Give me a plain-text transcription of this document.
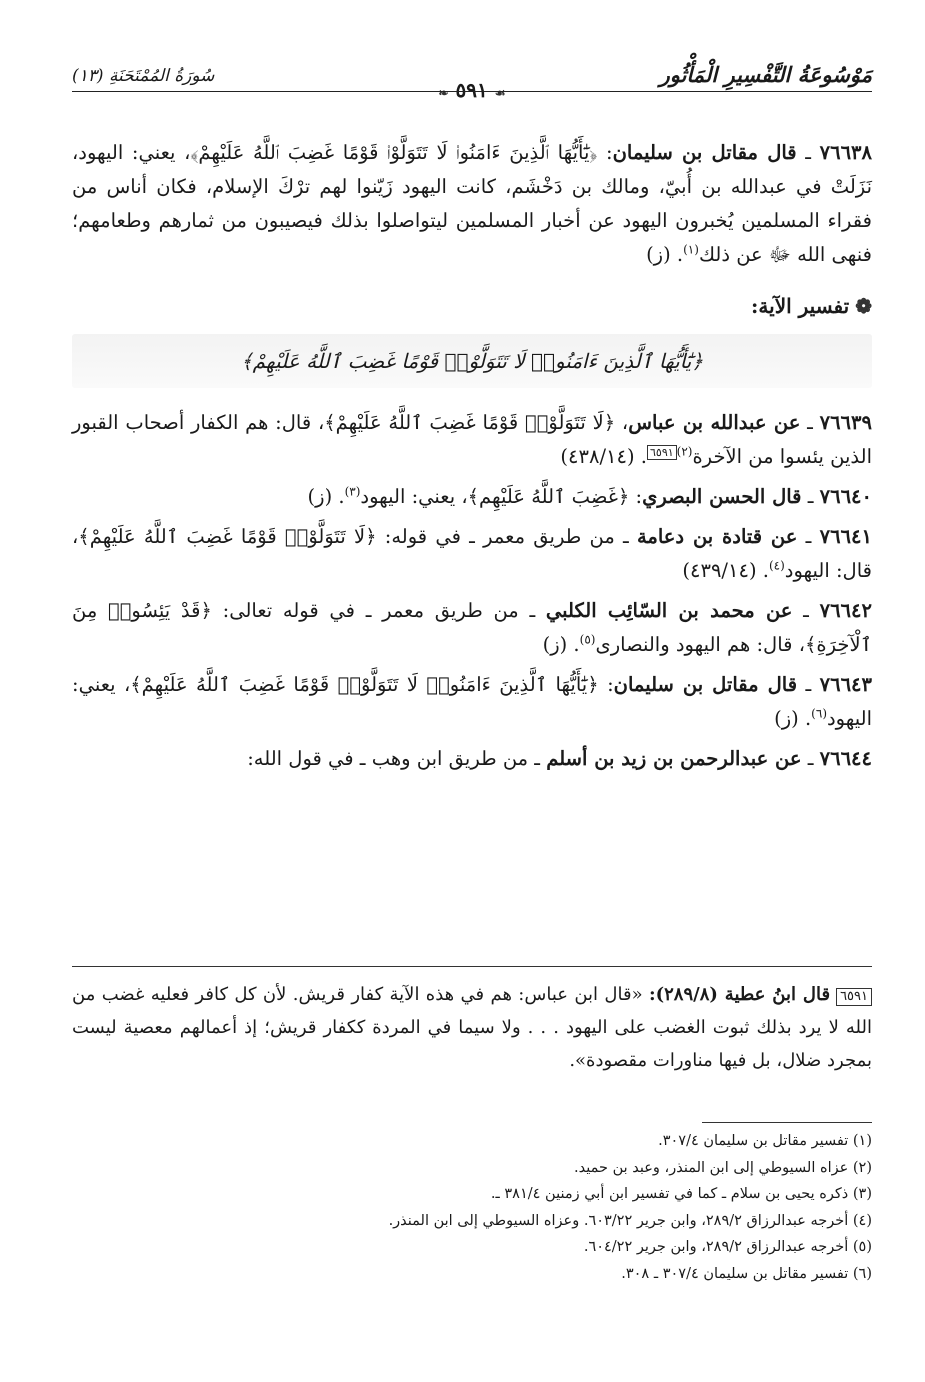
مَوْسُوعَةُ التَّفْسِيرِ الْمَأْثُور
❧ ٥٩١ ☙
سُورَةُ المُمْتَحَنَةِ (١٣)

٧٦٦٣٨ ـ قال مقاتل بن سليمان: ﴿يَٰٓأَيُّهَا ٱلَّذِينَ ءَامَنُوا۟ لَا تَتَوَلَّوْا۟ قَوْمًا غَضِبَ ٱللَّهُ عَلَيْهِمْ﴾، يعني: اليهود، نَزَلَتْ في عبدالله بن أُبيّ، ومالك بن دَخْشَم، كانت اليهود زَيّنوا لهم ترْكَ الإسلام، فكان أناس من فقراء المسلمين يُخبرون اليهود عن أخبار المسلمين ليتواصلوا بذلك فيصيبون من ثمارهم وطعامهم؛ فنهى الله ﷻ عن ذلك$^{(١)}$. (ز)

❁تفسير الآية:
﴿يَٰٓأَيُّهَا ٱلَّذِينَ ءَامَنُوا۟ لَا تَتَوَلَّوْا۟ قَوْمًا غَضِبَ ٱللَّهُ عَلَيْهِمْ﴾

٧٦٦٣٩ ـ عن عبدالله بن عباس، ﴿لَا تَتَوَلَّوْا۟ قَوْمًا غَضِبَ ٱللَّهُ عَلَيْهِمْ﴾، قال: هم الكفار أصحاب القبور الذين يئسوا من الآخرة$^{(٢)}$٦٥٩١. (٤٣٨/١٤)

٧٦٦٤٠ ـ قال الحسن البصري: ﴿غَضِبَ ٱللَّهُ عَلَيْهِم﴾، يعني: اليهود$^{(٣)}$. (ز)

٧٦٦٤١ ـ عن قتادة بن دعامة ـ من طريق معمر ـ في قوله: ﴿لَا تَتَوَلَّوْا۟ قَوْمًا غَضِبَ ٱللَّهُ عَلَيْهِمْ﴾، قال: اليهود$^{(٤)}$. (٤٣٩/١٤)

٧٦٦٤٢ ـ عن محمد بن السّائِب الكلبي ـ من طريق معمر ـ في قوله تعالى: ﴿قَدْ يَئِسُوا۟ مِنَ ٱلْآخِرَةِ﴾، قال: هم اليهود والنصارى$^{(٥)}$. (ز)

٧٦٦٤٣ ـ قال مقاتل بن سليمان: ﴿يَٰٓأَيُّهَا ٱلَّذِينَ ءَامَنُوا۟ لَا تَتَوَلَّوْا۟ قَوْمًا غَضِبَ ٱللَّهُ عَلَيْهِمْ﴾، يعني: اليهود$^{(٦)}$. (ز)

٧٦٦٤٤ ـ عن عبدالرحمن بن زيد بن أسلم ـ من طريق ابن وهب ـ في قول الله:

٦٥٩١قال ابنُ عطية (٢٨٩/٨): «قال ابن عباس: هم في هذه الآية كفار قريش. لأن كل كافر فعليه غضب من الله لا يرد بذلك ثبوت الغضب على اليهود . . . ولا سيما في المردة ككفار قريش؛ إذ أعمالهم معصية ليست بمجرد ضلال، بل فيها مناورات مقصودة».
(١) تفسير مقاتل بن سليمان ٣٠٧/٤.
(٢) عزاه السيوطي إلى ابن المنذر، وعبد بن حميد.
(٣) ذكره يحيى بن سلام ـ كما في تفسير ابن أبي زمنين ٣٨١/٤ ـ.
(٤) أخرجه عبدالرزاق ٢٨٩/٢، وابن جرير ٦٠٣/٢٢. وعزاه السيوطي إلى ابن المنذر.
(٥) أخرجه عبدالرزاق ٢٨٩/٢، وابن جرير ٦٠٤/٢٢.
(٦) تفسير مقاتل بن سليمان ٣٠٧/٤ ـ ٣٠٨.
